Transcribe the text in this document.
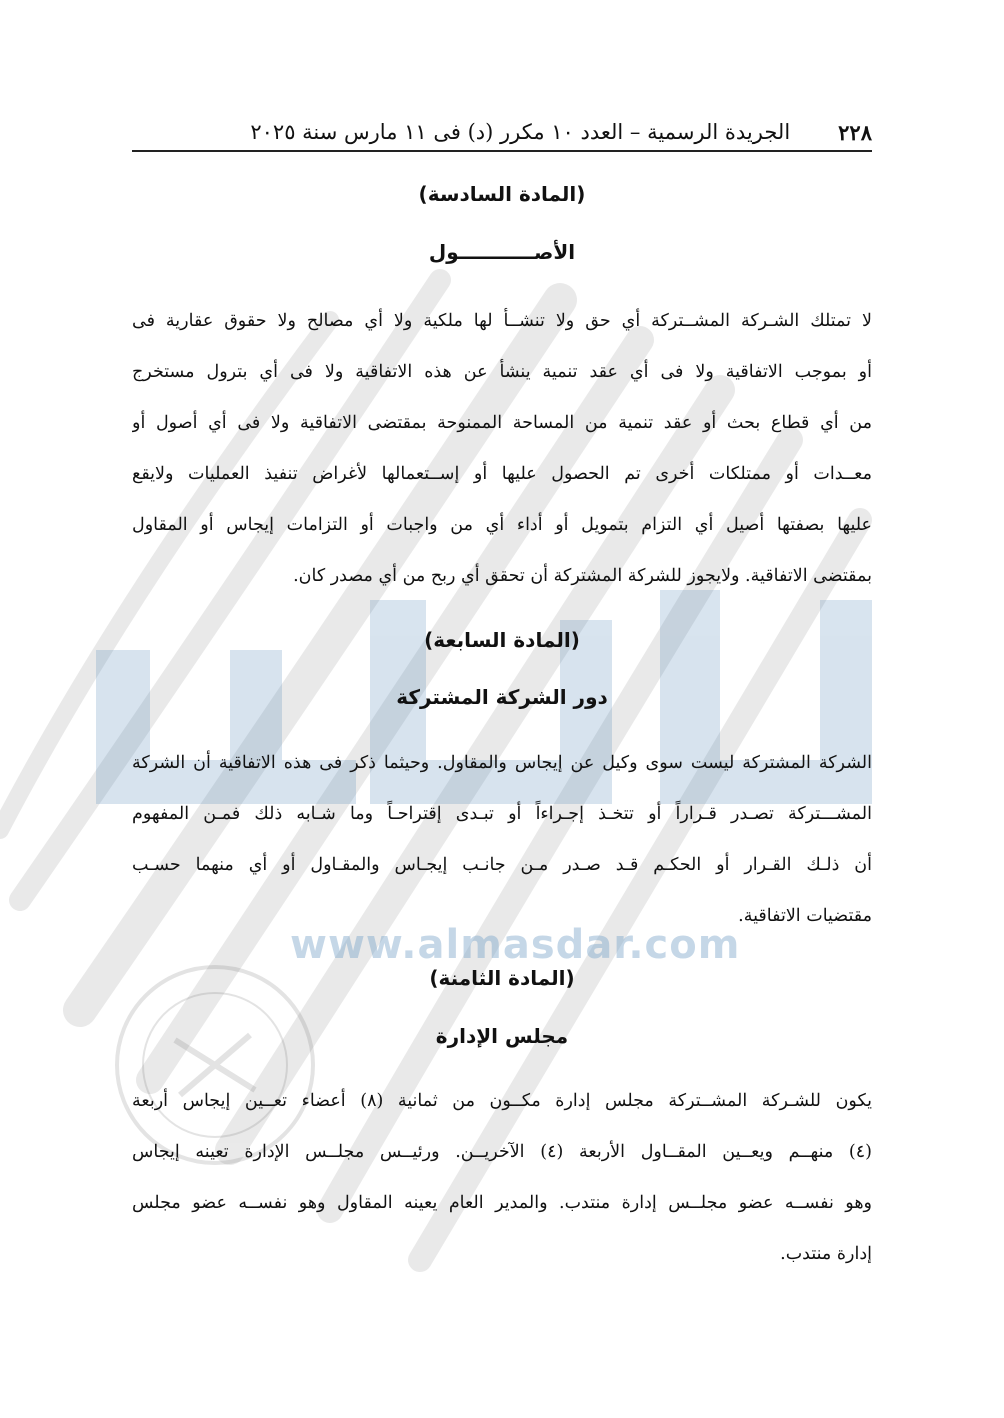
٢٢٨
الجريدة الرسمية – العدد ١٠ مكرر (د) فى ١١ مارس سنة ٢٠٢٥
(المادة السادسة)
الأصـــــــــــول
لا تمتلك الشـركة المشــتركة أي حق ولا تنشــأ لها ملكية ولا أي مصالح ولا حقوق عقارية فى
أو بموجب الاتفاقية ولا فى أي عقد تنمية ينشأ عن هذه الاتفاقية ولا فى أي بترول مستخرج
من أي قطاع بحث أو عقد تنمية من المساحة الممنوحة بمقتضى الاتفاقية ولا فى أي أصول أو
معــدات أو ممتلكات أخرى تم الحصول عليها أو إســتعمالها لأغراض تنفيذ العمليات ولايقع
عليها بصفتها أصيل أي التزام بتمويل أو أداء أي من واجبات أو التزامات إيجاس أو المقاول
بمقتضى الاتفاقية. ولايجوز للشركة المشتركة أن تحقق أي ربح من أي مصدر كان.
(المادة السابعة)
دور الشركة المشتركة
الشركة المشتركة ليست سوى وكيل عن إيجاس والمقاول. وحيثما ذكر فى هذه الاتفاقية أن الشركة
المشـــتركة تصـدر قـراراً أو تتخـذ إجـراءاً أو تبـدى إقتراحـاً وما شـابه ذلك فمـن المفهوم
أن ذلـك القـرار أو الحكـم قـد صـدر مـن جانـب إيجـاس والمقـاول أو أي منهما حسـب
مقتضيات الاتفاقية.
www.almasdar.com
(المادة الثامنة)
مجلس الإدارة
يكون للشـركة المشــتركة مجلس إدارة مكــون من ثمانية (٨) أعضاء تعــين إيجاس أربعة
(٤) منهــم ويعــين المقــاول الأربعة (٤) الآخريــن. ورئيــس مجلــس الإدارة تعينه إيجاس
وهو نفســه عضو مجلــس إدارة منتدب. والمدير العام يعينه المقاول وهو نفســه عضو مجلس
إدارة منتدب.
